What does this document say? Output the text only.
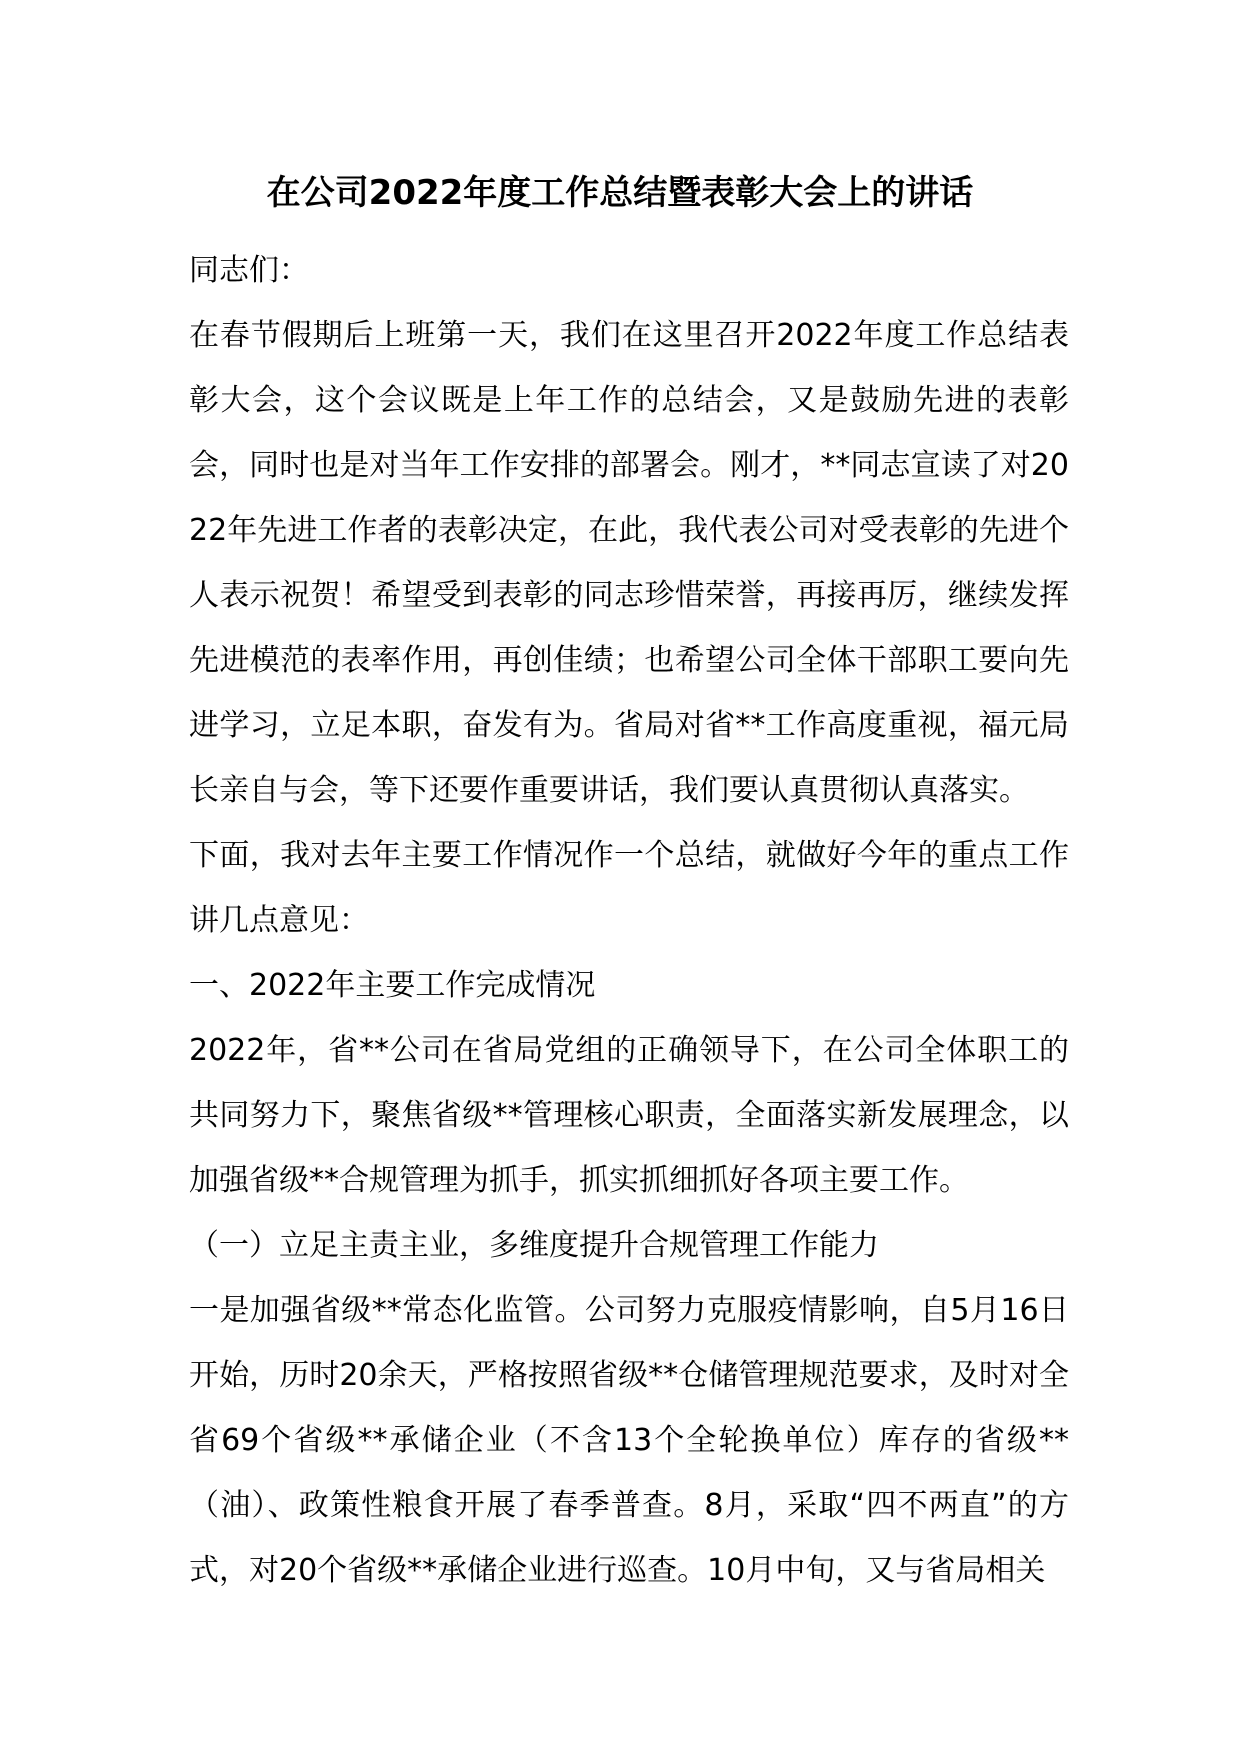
在公司2022年度工作总结暨表彰大会上的讲话

同志们：

在春节假期后上班第一天，我们在这里召开2022年度工作总结表彰大会，这个会议既是上年工作的总结会，又是鼓励先进的表彰会，同时也是对当年工作安排的部署会。刚才，**同志宣读了对2022年先进工作者的表彰决定，在此，我代表公司对受表彰的先进个人表示祝贺！希望受到表彰的同志珍惜荣誉，再接再厉，继续发挥先进模范的表率作用，再创佳绩；也希望公司全体干部职工要向先进学习，立足本职，奋发有为。省局对省**工作高度重视，福元局长亲自与会，等下还要作重要讲话，我们要认真贯彻认真落实。

下面，我对去年主要工作情况作一个总结，就做好今年的重点工作讲几点意见：

一、2022年主要工作完成情况

2022年，省**公司在省局党组的正确领导下，在公司全体职工的共同努力下，聚焦省级**管理核心职责，全面落实新发展理念，以加强省级**合规管理为抓手，抓实抓细抓好各项主要工作。

（一）立足主责主业，多维度提升合规管理工作能力

一是加强省级**常态化监管。公司努力克服疫情影响，自5月16日开始，历时20余天，严格按照省级**仓储管理规范要求，及时对全省69个省级**承储企业（不含13个全轮换单位）库存的省级**（油）、政策性粮食开展了春季普查。8月，采取“四不两直”的方式，对20个省级**承储企业进行巡查。10月中旬，又与省局相关
